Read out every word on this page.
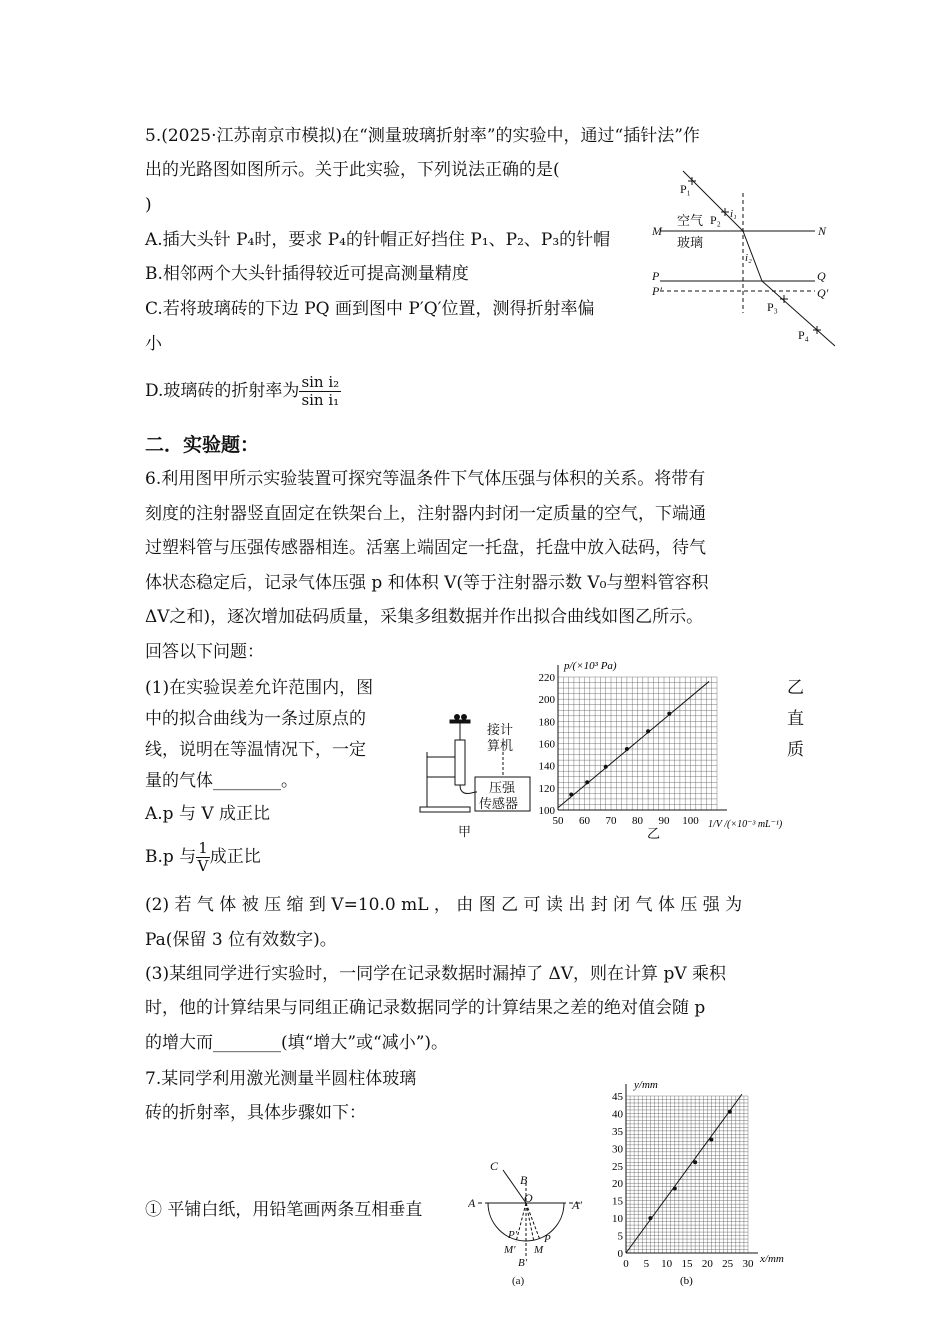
5.(2025·江苏南京市模拟)在“测量玻璃折射率”的实验中，通过“插针法”作
出的光路图如图所示。关于此实验，下列说法正确的是(
)
A.插大头针 P₄时，要求 P₄的针帽正好挡住 P₁、P₂、P₃的针帽
B.相邻两个大头针插得较近可提高测量精度
C.若将玻璃砖的下边 PQ 画到图中 P′Q′位置，测得折射率偏
小
D.玻璃砖的折射率为 $\frac{\text{sin i₂}}{\text{sin i₁}}$
P₁
P₂
P₃
P₄
空气
玻璃
M	N
P
P′
Q
Q′
i₁
i₂
二．实验题：
6.利用图甲所示实验装置可探究等温条件下气体压强与体积的关系。将带有
刻度的注射器竖直固定在铁架台上，注射器内封闭一定质量的空气，下端通
过塑料管与压强传感器相连。活塞上端固定一托盘，托盘中放入砝码，待气
体状态稳定后，记录气体压强 p 和体积 V(等于注射器示数 V₀与塑料管容积
ΔV之和)，逐次增加砝码质量，采集多组数据并作出拟合曲线如图乙所示。
回答以下问题：
(1)在实验误差允许范围内，图
中的拟合曲线为一条过原点的
线，说明在等温情况下，一定
量的气体________。
乙
直
质
A.p 与 V 成正比
B.p 与 $\frac{1}{V}$ 成正比
(2) 若 气 体 被 压 缩 到 V=10.0 mL ， 由 图 乙 可 读 出 封 闭 气 体 压 强 为
Pa(保留 3 位有效数字)。
(3)某组同学进行实验时，一同学在记录数据时漏掉了 ΔV，则在计算 pV 乘积
时，他的计算结果与同组正确记录数据同学的计算结果之差的绝对值会随 p
的增大而________(填“增大”或“减小”)。
接计
算机
压强
传感器
甲
50 60 70 80 90 100
100
120
140
160
180
200
220
p/(×10³ Pa)
1/V /(×10⁻³ mL⁻¹)
乙
7.某同学利用激光测量半圆柱体玻璃
砖的折射率，具体步骤如下：
① 平铺白纸，用铅笔画两条互相垂直
C
B
O
A	A′
P′ P
M′ M
B′
(a)
0 5 10 15 20 25 30
0
5
10
15
20
25
30
35
40
45
y/mm
x/mm
(b)
